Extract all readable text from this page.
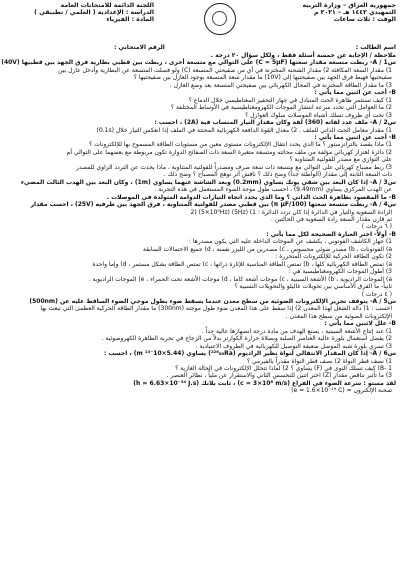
جمهورية العراق – وزارة التربية
التمهيدي ١٤٤٢ هـ – ٢٠٢١ م
الوقت : ثلاث ساعات
اللجنة الدائمة للامتحانات العامة
الدراسة : الإعدادية ( العلمي / تطبيقي )
المادة : الفيزياء
اسم الطالب :
الرقم الامتحاني :
ملاحظة / الإجابة عن خمسة أسئلة فقط ، ولكل سؤال ٢٠ درجة .
س1 / A- ربطت متسعة مقدار سعتها (C = 5µF) على التوالي مع متسعة أخرى ، ربطت بين قطبي بطارية فرق الجهد بين قطبيها (40V)
1) مقدار السعة المكافئة 2) مقدار الشحنة المختزنة في أي من صفيحتي المتسعة (C) ولو فصلت المتسعة عن البطارية وأدخل عازل بين
صفيحتيها فهبط فرق الجهد بين صفيحتيها إلى (10V) ما مقدار سعة المتسعة بوجود العازل بين صفيحتيها ؟
3) ما مقدار الطاقة المختزنة في المجال الكهربائي بين صفيحتي المتسعة بعد وضع العازل .
B- أجب عن اثنين مما يأتي :
1) كيف تستثمر ظاهرة الحث المتبادل في جهاز التحفيز المغناطيسي خلال الدماغ ؟
2) ما العوامل التي تحدد سرعة انتشار الموجات الكهرومغناطيسية في الأوساط المختلفة ؟
3) تحت أي ظروف تسلك أشباه الموصلات سلوك العوازل ؟
س2 / A- ملف عدد لفاته (360) لفة وكان مقدار التيار المنساب فيه (2A) ، احسب :
1) مقدار معامل الحث الذاتي للملف . 2) معدل القوة الدافعة الكهربائية المحتثة في الملف إذا انعكس التيار خلال (0.1s)
B- أجب عن اثنين مما يأتي :
1) ماذا يقصد بالترانزستور ؟ ما الذي يحدد انتقال الإلكترونات مستوى معين من مستويات الطاقة المسموح بها للإلكترونات ؟
2) دائرة اهتزاز كهربائي مؤلفة من ملف محاثته ومتسعة متغيرة السعة ذات الصفائح الدوارة تكون مربوطة مع بعضهما على التوالي أم
على التوازي مع مصدر للفولتية المتناوبة ؟
3) ربط مصباح كهربائي على التوالي مع متسعة ذات سعة صرف ومصدراً للفولتية المتناوبة ، ماذا يحدث عن التردد الزاوي للمصدر
ذات السعة الثابتة إلى مقدار (الواطئة جداً) وضح ذلك ؟ ناقش أثر توهج المصباح ؟ وضح ذلك .
س3 / A- إذا كان البعد بين شقي يونك يساوي (0.2mm) وبعد الشاشة عنهما يساوي (1m) ، وكان البعد بين الهدب الثالث المضيء
عن الهدب المركزي يساوي (9.49mm) ، احسب طول موجة الضوء المستعمل في هذه التجربة .
B- ما المقصود بظاهرة الحث الذاتي ؟ وما الذي يحدد اتجاه التيارات الدوامة المتولدة في الموصلات .
س4 / A- ربطت متسعة سعتها (100/π µF) بين قطبي مصدر للفولتية المتناوبة ، فرق الجهد بين طرفيه (25V) ، احسب مقدار
الرادة السعوية والتيار في الدائرة إذا كان تردد الدائرة : 1) (5Hz) 2) (5×10⁵Hz)
ثم قارن مقدار السعة رادة السعوية في الحالتين .
( ٦ درجات )
B- أولاً- اختر العبارة الصحيحة لكل مما يأتي :
1) جهاز الكاشف الفوتوني ، يكشف عن الموجات الداخلة عليه التي يكون مصدرها :
a) الفوتونات ، b) مصدر ضوئي محسوس ، c) مصدرين من الليزر نفسه ، d) جميع الاحتمالات السابقة
2) تكون الطاقة الحركية للإلكترونات المتحررة :
a) تمتص الطاقة الكهربائية كلها ، b) تمتص الطاقة المناسبة للإثارة ذراتها ، c) تمتص الطاقة بشكل مستمر ، d) وإما واحدة
3) أطول الموجات الكهرومغناطيسية هي :
a) الموجات الراديوية ، b) الأشعة السينية ، c) موجات أشعة كاما ، d) موجات الأشعة تحت الحمراء ، e) الموجات الراديوية .
ثانياً- ما الفرق الأساسي بين تحويلات غاليلو والتحويلات النسبية ؟
( ٤ درجات )
س5 / A- يتوقف تحرير الإلكترونات الضوئية من سطح معدن عندما يسقط ضوء بطول موجي الضوء الساقط عليه عن (500nm)
احسب : 1) دالة الشغل لهذا المعدن 2) إذا سقط على هذا المعدن ضوء طول موجته (300nm) ما مقدار الطاقة الحركية العظمى التي تبعث بها
الإلكترونات الضوئية من سطح هذا المعدن .
B- علل لاثنين مما يأتي :
1) عند إنتاج الأشعة السينية ، يصنع الهدف من مادة درجة انصهارها عالية جداً .
2) يفضل استعمال بلورة عالية العناصر الصلبة وبصلاة حرارة الكوارتز بدلاً من الزجاج في تجربة الظاهرة الكهروضوئية .
3) تسري بلورة شبه الموصل ضعيفة التوصيل للكهربائية في الظروف الاعتيادية .
س6 / A- إذا كان المقدار الانتقالي لنواة نظير الراديوم (²²⁶₈₈Ra) يساوي (5.44×10⁻¹³ m) ، احسب :
1) نصف قطر النواة 2) نصف قطر النواة مقدراً بالفيرمي ؟
B- 1) كيف تسلك النوى في (F) يساوي ؟ 2) لماذا تتحلل الإلكترونات في الحالة الغازية ؟
3) ما تأثير تناقص مقدار (Z) اختر اثنين للتحسس الثاني والاستقرار عن ملياً ، نظائر العنصر .
لقد مستو : سرعة الضوء في الفراغ (c = 3×10⁸ m/s) ، ثابت بلانك (h = 6.63×10⁻³⁴ J.s)
شحنة الإلكترون = (e = 1.6×10⁻¹⁹ C)
